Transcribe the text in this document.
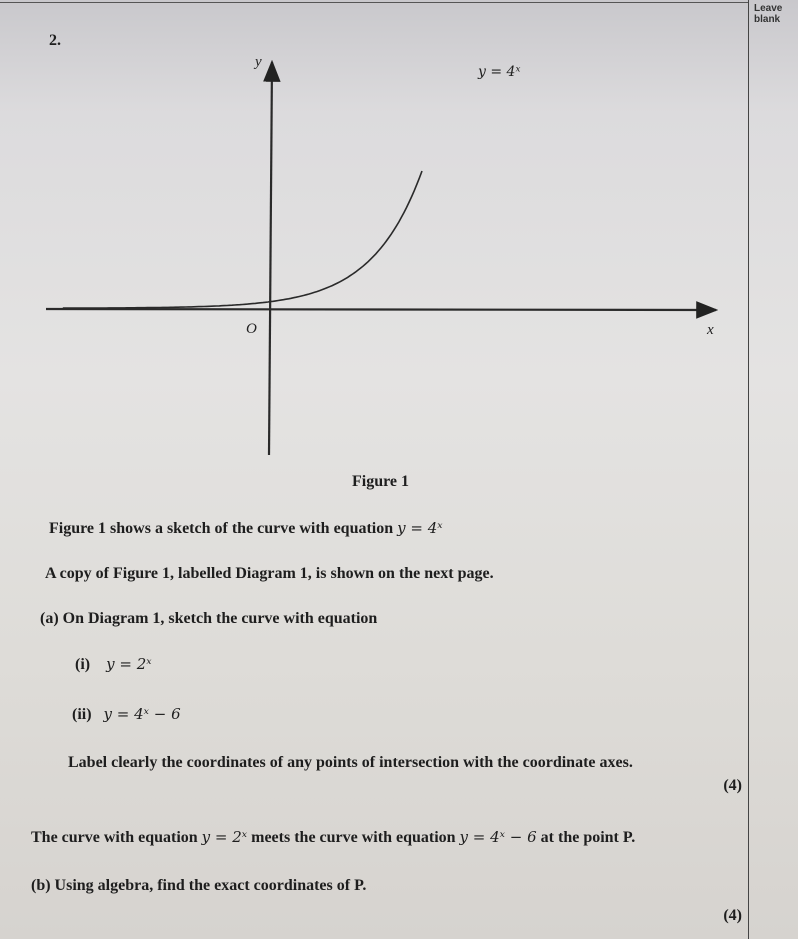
Leave
blank
2.
y
x
O
y = 4ˣ
Figure 1
Figure 1 shows a sketch of the curve with equation y = 4ˣ
A copy of Figure 1, labelled Diagram 1, is shown on the next page.
(a) On Diagram 1, sketch the curve with equation
(i) y = 2ˣ
(ii) y = 4ˣ − 6
Label clearly the coordinates of any points of intersection with the coordinate axes.
(4)
The curve with equation y = 2ˣ meets the curve with equation y = 4ˣ − 6 at the point P.
(b) Using algebra, find the exact coordinates of P.
(4)
